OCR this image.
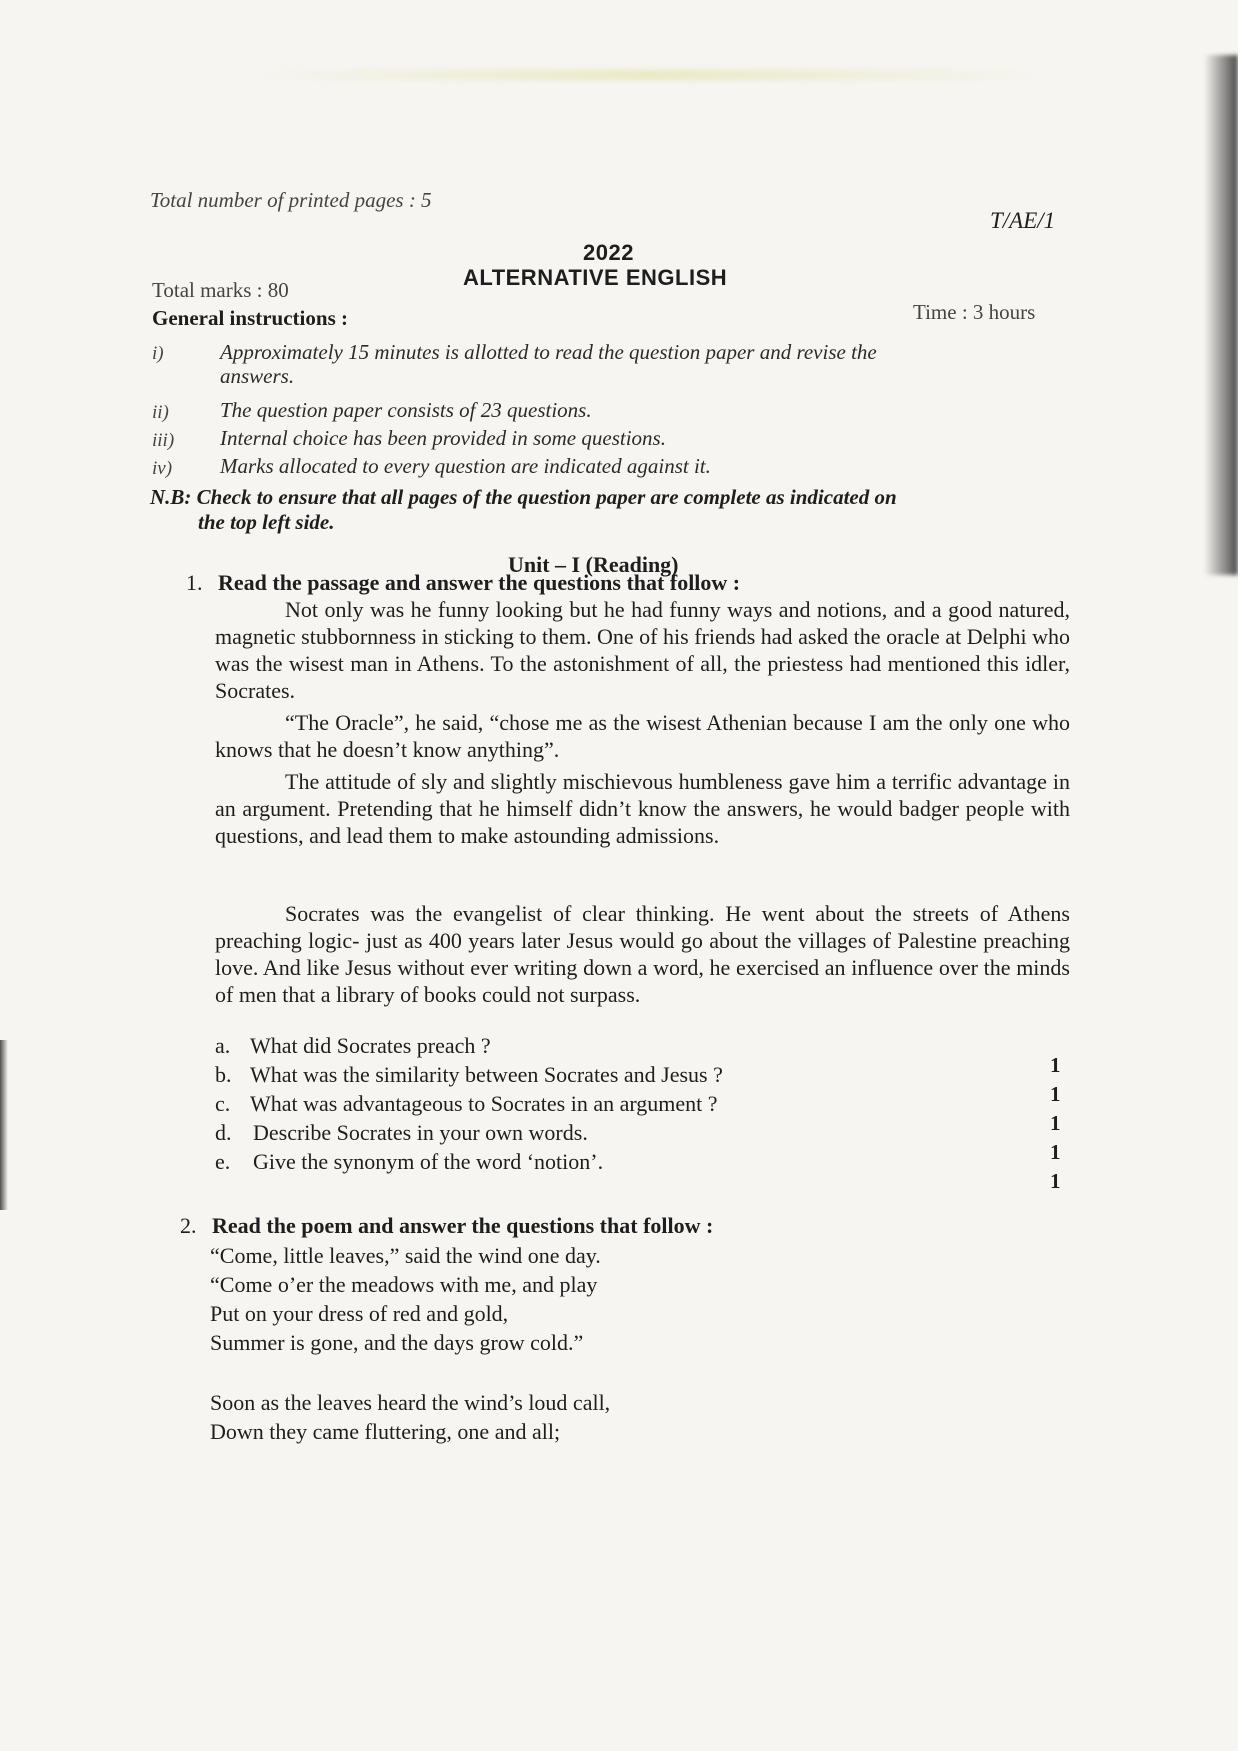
Total number of printed pages : 5
T/AE/1
2022
ALTERNATIVE ENGLISH
Total marks : 80
Time : 3 hours
General instructions :
i)	Approximately 15 minutes is allotted to read the question paper and revise the
answers.
ii) The question paper consists of 23 questions.
iii) Internal choice has been provided in some questions.
iv) Marks allocated to every question are indicated against it.
N.B: Check to ensure that all pages of the question paper are complete as indicated on
the top left side.
Unit – I (Reading)
1. Read the passage and answer the questions that follow :
Not only was he funny looking but he had funny ways and notions, and a good natured, magnetic stubbornness in sticking to them. One of his friends had asked the oracle at Delphi who was the wisest man in Athens. To the astonishment of all, the priestess had mentioned this idler, Socrates.
“The Oracle”, he said, “chose me as the wisest Athenian because I am the only one who knows that he doesn’t know anything”.
The attitude of sly and slightly mischievous humbleness gave him a terrific advantage in an argument. Pretending that he himself didn’t know the answers, he would badger people with questions, and lead them to make astounding admissions.
Socrates was the evangelist of clear thinking. He went about the streets of Athens preaching logic- just as 400 years later Jesus would go about the villages of Palestine preaching love. And like Jesus without ever writing down a word, he exercised an influence over the minds of men that a library of books could not surpass.
a. What did Socrates preach ?
1
b. What was the similarity between Socrates and Jesus ?
1
c. What was advantageous to Socrates in an argument ?
1
d. Describe Socrates in your own words.
1
e. Give the synonym of the word ‘notion’.
1
2. Read the poem and answer the questions that follow :
“Come, little leaves,” said the wind one day.
“Come o’er the meadows with me, and play
Put on your dress of red and gold,
Summer is gone, and the days grow cold.”
Soon as the leaves heard the wind’s loud call,
Down they came fluttering, one and all;
